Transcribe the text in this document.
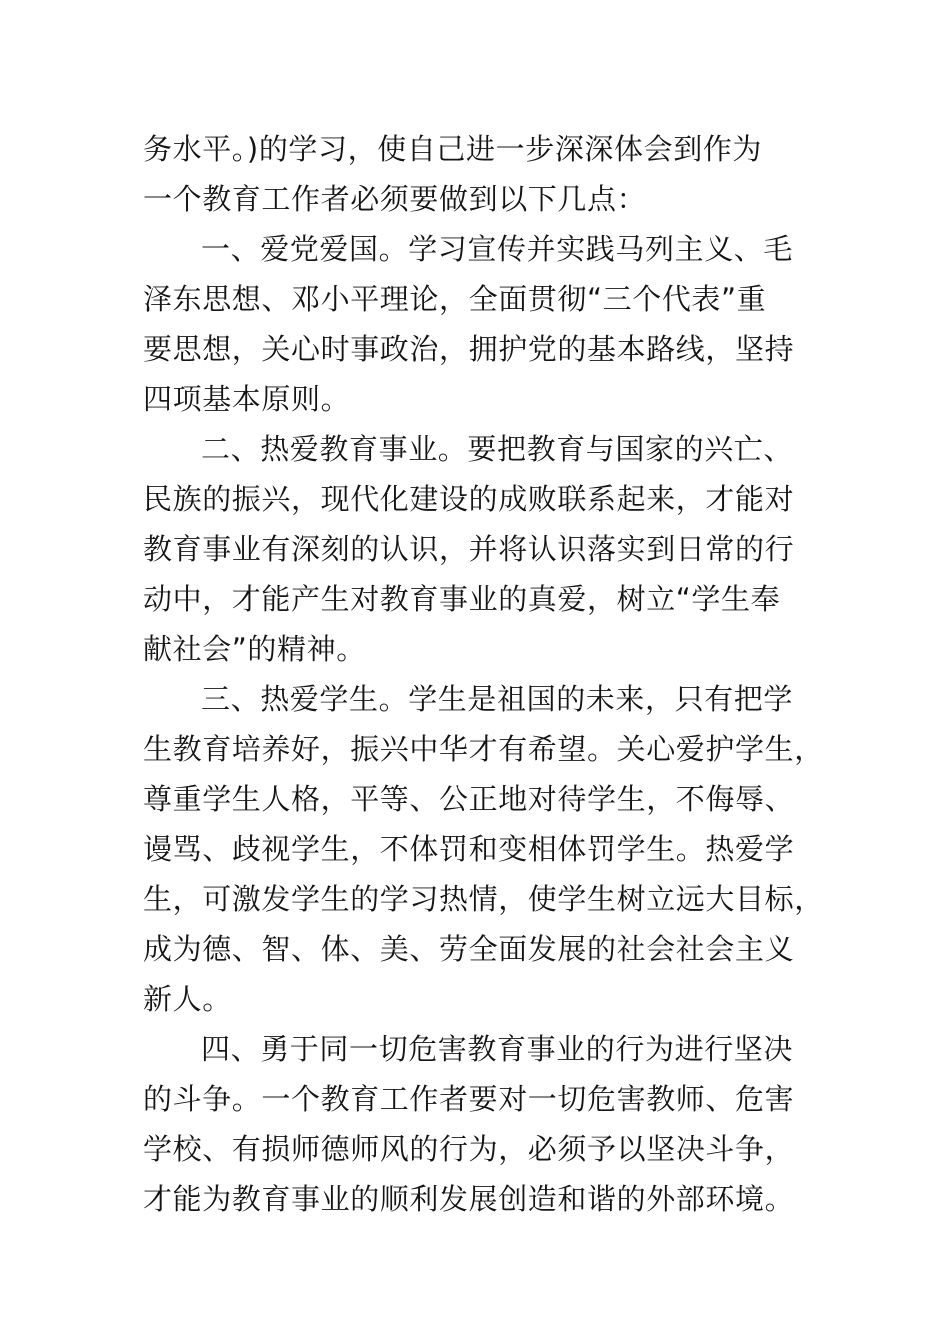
务水平。)的学习，使自己进一步深深体会到作为
一个教育工作者必须要做到以下几点：
一、爱党爱国。学习宣传并实践马列主义、毛
泽东思想、邓小平理论，全面贯彻“三个代表”重
要思想，关心时事政治，拥护党的基本路线，坚持
四项基本原则。
二、热爱教育事业。要把教育与国家的兴亡、
民族的振兴，现代化建设的成败联系起来，才能对
教育事业有深刻的认识，并将认识落实到日常的行
动中，才能产生对教育事业的真爱，树立“学生奉
献社会”的精神。
三、热爱学生。学生是祖国的未来，只有把学
生教育培养好，振兴中华才有希望。关心爱护学生，
尊重学生人格，平等、公正地对待学生，不侮辱、
谩骂、歧视学生，不体罚和变相体罚学生。热爱学
生，可激发学生的学习热情，使学生树立远大目标，
成为德、智、体、美、劳全面发展的社会社会主义
新人。
四、勇于同一切危害教育事业的行为进行坚决
的斗争。一个教育工作者要对一切危害教师、危害
学校、有损师德师风的行为，必须予以坚决斗争，
才能为教育事业的顺利发展创造和谐的外部环境。
